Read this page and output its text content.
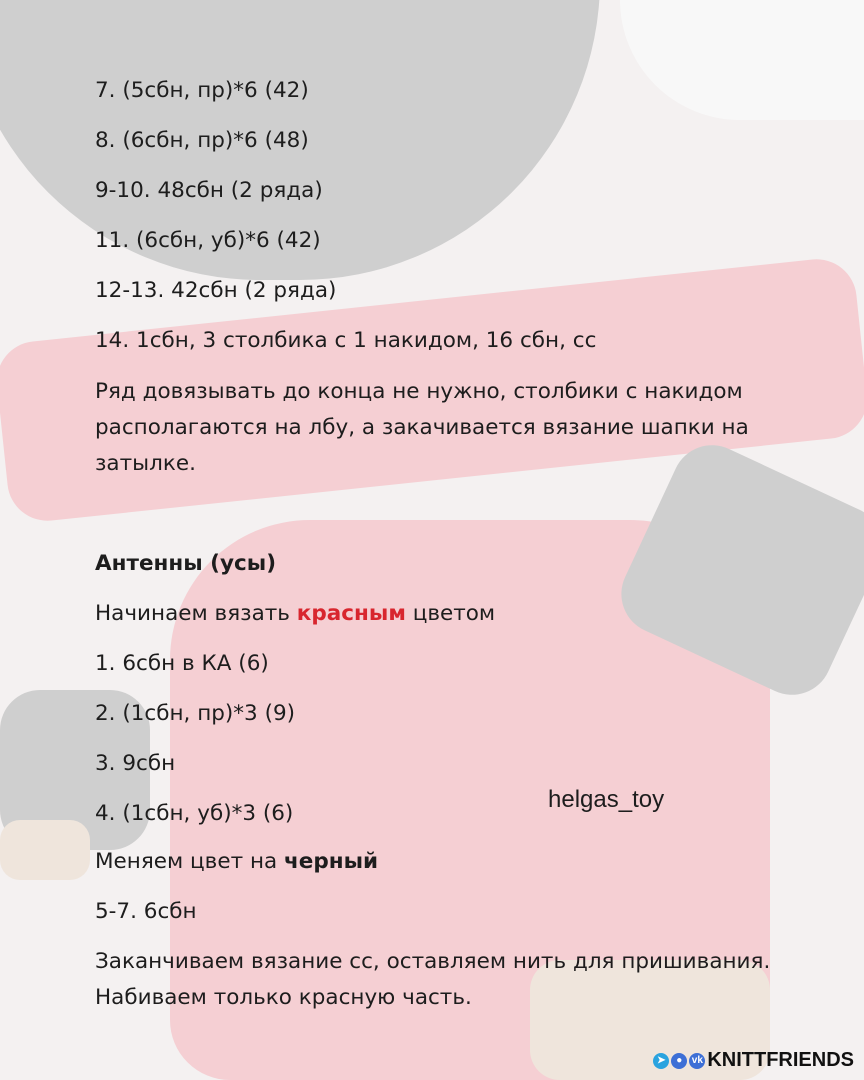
7. (5сбн, пр)*6 (42)
8. (6сбн, пр)*6 (48)
9-10. 48сбн (2 ряда)
11. (6сбн, уб)*6 (42)
12-13. 42сбн (2 ряда)
14. 1сбн, 3 столбика с 1 накидом, 16 сбн, сс
Ряд довязывать до конца не нужно, столбики с накидом располагаются на лбу, а закачивается вязание шапки на затылке.
Антенны (усы)
Начинаем вязать красным цветом
1. 6сбн в КА (6)
2. (1сбн, пр)*3 (9)
3. 9сбн
4. (1сбн, уб)*3 (6)
Меняем цвет на черный
5-7. 6сбн
Заканчиваем вязание сс, оставляем нить для пришивания. Набиваем только красную часть.
helgas_toy
➤	● vk KNITTFRIENDS
